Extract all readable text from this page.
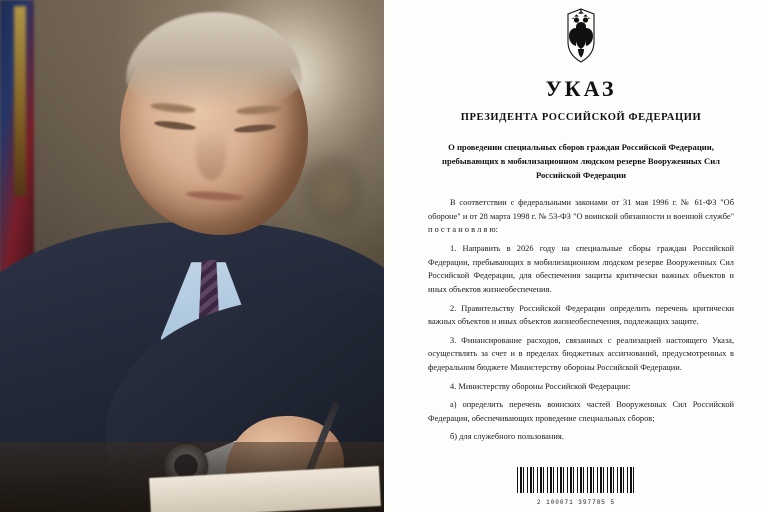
УКАЗ
ПРЕЗИДЕНТА РОССИЙСКОЙ ФЕДЕРАЦИИ
О проведении специальных сборов граждан Российской Федерации, пребывающих в мобилизационном людском резерве Вооруженных Сил Российской Федерации

В соответствии с федеральными законами от 31 мая 1996 г. № 61-ФЗ "Об обороне" и от 28 марта 1998 г. № 53-ФЗ "О воинской обязанности и военной службе" п о с т а н о в л я ю:

1. Направить в 2026 году на специальные сборы граждан Российской Федерации, пребывающих в мобилизационном людском резерве Вооруженных Сил Российской Федерации, для обеспечения защиты критически важных объектов и иных объектов жизнеобеспечения.

2. Правительству Российской Федерации определить перечень критически важных объектов и иных объектов жизнеобеспечения, подлежащих защите.

3. Финансирование расходов, связанных с реализацией настоящего Указа, осуществлять за счет и в пределах бюджетных ассигнований, предусмотренных в федеральном бюджете Министерству обороны Российской Федерации.

4. Министерству обороны Российской Федерации:

а) определить перечень воинских частей Вооруженных Сил Российской Федерации, обеспечивающих проведение специальных сборов;

б) для служебного пользования.

2 100071 397785 5
